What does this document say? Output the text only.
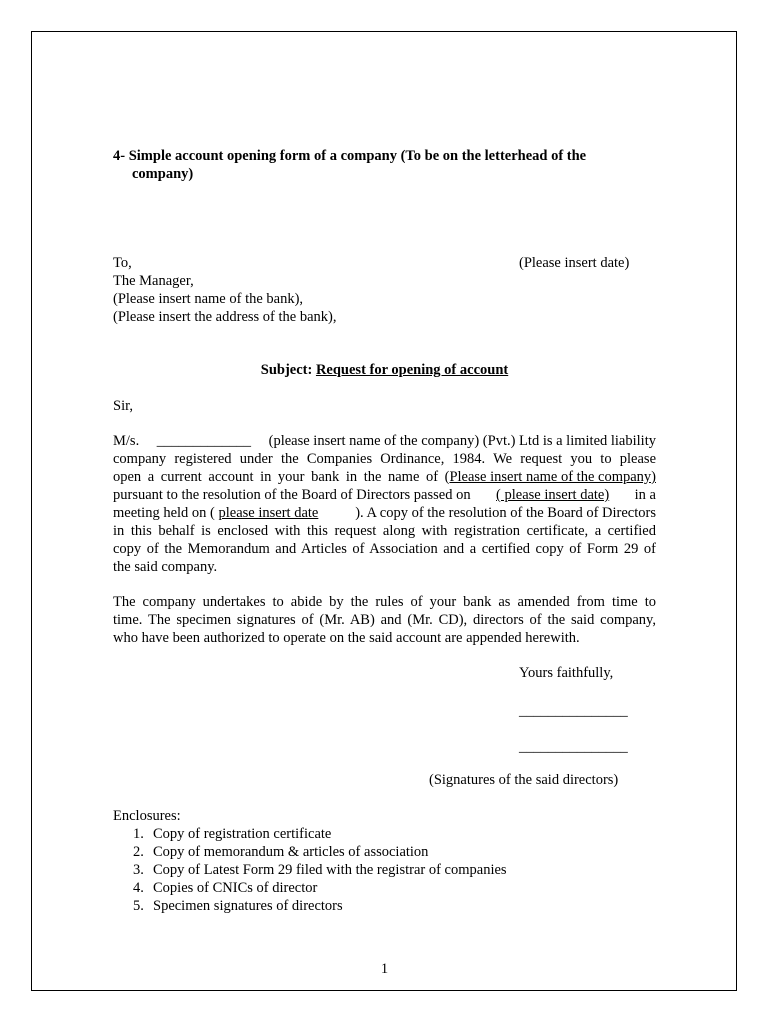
4- Simple account opening form of a company (To be on the letterhead of the
company)
To,
The Manager,
(Please insert name of the bank),
(Please insert the address of the bank),
(Please insert date)
Subject: Request for opening of account
Sir,
M/s. _____________ (please insert name of the company) (Pvt.) Ltd is a limited liability
company registered under the Companies Ordinance, 1984. We request you to please
open a current account in your bank in the name of ( Please insert name of the company)
pursuant to the resolution of the Board of Directors passed on ( please insert date) in a
meeting held on ( please insert date	). A copy of the resolution of the Board of Directors
in this behalf is enclosed with this request along with registration certificate, a certified
copy of the Memorandum and Articles of Association and a certified copy of Form 29 of
the said company.
The company undertakes to abide by the rules of your bank as amended from time to
time. The specimen signatures of (Mr. AB) and (Mr. CD), directors of the said company,
who have been authorized to operate on the said account are appended herewith.
Yours faithfully,
_______________
_______________
(Signatures of the said directors)
Enclosures:
1. Copy of registration certificate
2. Copy of memorandum & articles of association
3. Copy of Latest Form 29 filed with the registrar of companies
4. Copies of CNICs of director
5. Specimen signatures of directors
1
